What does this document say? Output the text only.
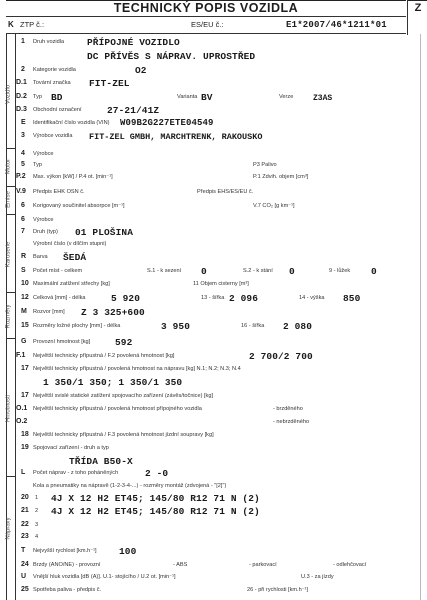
TECHNICKÝ POPIS VOZIDLA	Z
K ZTP č.:	ES/EU č.:	E1*2007/46*1211*01
Vozidlo
Motor
Emise
Karoserie
Rozměry
Hmotnosti
Nápravy
1 Druh vozidla PŘÍPOJNÉ VOZIDLO
DC PŘÍVĚS S NÁPRAV. UPROSTŘED
2 Kategorie vozidla	O2
D.1 Tovární značka FIT-ZEL
D.2 Typ BD	Varianta BV	Verze Z3AS
D.3 Obchodní označení	27-21/41Z
E Identifikační číslo vozidla (VIN) W09B2G227ETE04549
3 Výrobce vozidla FIT-ZEL GMBH, MARCHTRENK, RAKOUSKO
4 Výrobce
5 Typ	P3 Palivo
P.2 Max. výkon [kW] / P.4 ot. [min⁻¹]	P.1 Zdvih. objem [cm³]
V.9 Předpis EHK OSN č.	Předpis EHS/ES/EU č.
6 Korigovaný součinitel absorpce [m⁻¹]	V.7 CO₂ [g km⁻¹]
6 Výrobce
7 Druh (typ) 01 PLOŠINA
Výrobní číslo (v dílčím stupni)
R Barva ŠEDÁ
S Počet míst - celkem	S.1 - k sezení 0	S.2 - k stání 0	9 - lůžek 0
10 Maximální zatížení střechy [kg]	11 Objem cisterny [m³]
12 Celková [mm] - délka	5 920	13 - šířka 2 096	14 - výška 850
M Rozvor [mm] Z 3 325+600
15 Rozměry ložné plochy [mm] - délka	3 950	16 - šířka 2 080
G Provozní hmotnost [kg]	592
F.1 Největší technicky přípustná / F.2 povolená hmotnost [kg]	2 700/2 700
17 Největší technicky přípustná / povolená hmotnost na nápravu [kg] N.1; N.2; N.3; N.4
1 350/1 350; 1 350/1 350
17 Největší svislé statické zatížení spojovacího zařízení (závěs/točnice) [kg]
O.1 Největší technicky přípustná / povolená hmotnost přípojného vozidla	- brzděného
O.2	- nebrzděného
18 Největší technicky přípustná / F.3 povolená hmotnost jízdní soupravy [kg]
19 Spojovací zařízení - druh a typ
TŘÍDA B50-X
L Počet náprav - z toho poháněných	2 -0
Kola a pneumatiky na nápravě (1-2-3-4-...) - rozměry montáž (zdvojená - "[2]")
20 1 4J X 12 H2 ET45; 145/80 R12 71 N (2)
21 2 4J X 12 H2 ET45; 145/80 R12 71 N (2)
22 3
23 4
T Nejvyšší rychlost [km.h⁻¹] 100
24 Brzdy (ANO/NE) - provozní	- ABS	- parkovací	- odlehčovací
U Vnější hluk vozidla [dB (A)]. U.1- stojícího / U.2 ot. [min⁻¹]	U.3 - za jízdy
25 Spotřeba paliva - předpis č.	26 - při rychlosti [km.h⁻¹]
